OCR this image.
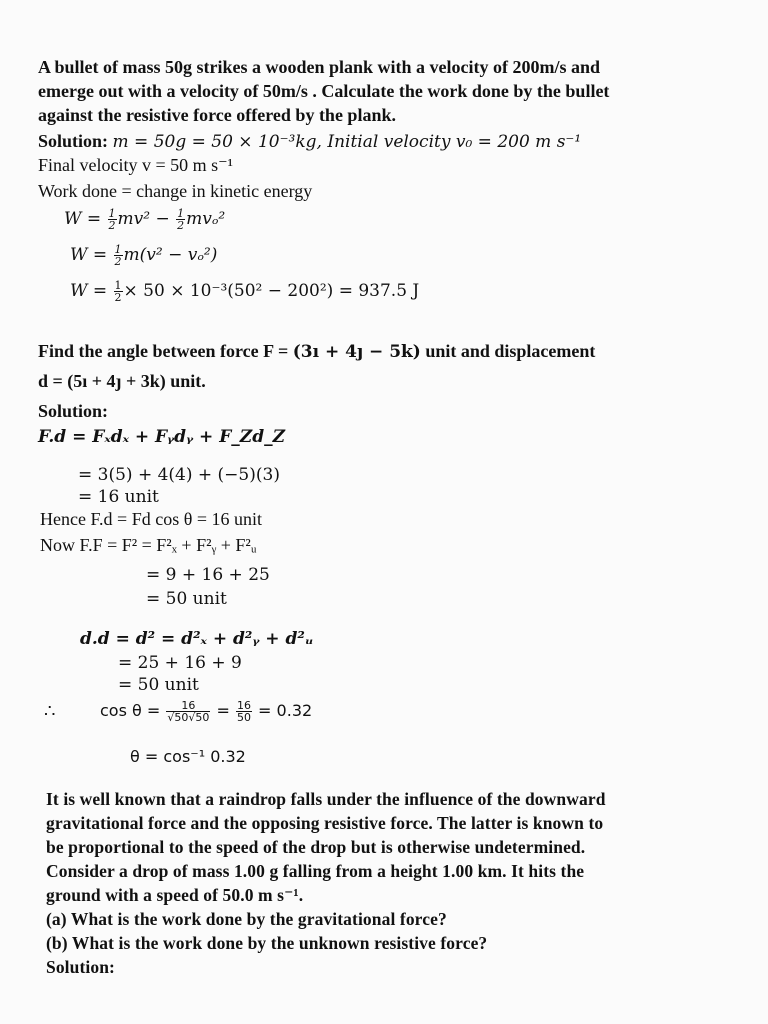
A bullet of mass 50g strikes a wooden plank with a velocity of 200m/s and
emerge out with a velocity of 50m/s . Calculate the work done by the bullet
against the resistive force offered by the plank.
Solution: m = 50g = 50 × 10⁻³kg, Initial velocity v₀ = 200 m s⁻¹
Final velocity v = 50 m s⁻¹
Work done = change in kinetic energy
$W = \frac{1}{2} mv^2 - \frac{1}{2} mv_o^2$
$W = \frac{1}{2} m(v^2 - v_o^2)$
$W = \frac{1}{2} \times 50 \times 10^{-3}(50^2 - 200^2) = 937.5$ J
Find the angle between force F = (3ı + 4ȷ − 5k) unit and displacement
d = (5ı + 4ȷ + 3k) unit.
Solution:
F.d = Fₓdₓ + Fᵧdᵧ + F_Zd_Z
= 3(5) + 4(4) + (−5)(3)
= 16 unit
Hence F.d = Fd cos θ = 16 unit
Now F.F = F² = F²ₓ + F²ᵧ + F²ᵤ
= 9 + 16 + 25
= 50 unit
d.d = d² = d²ₓ + d²ᵧ + d²ᵤ
= 25 + 16 + 9
= 50 unit
∴	$\cos \theta = \frac{16}{√50√50} = \frac{16}{50} = 0.32$
θ = cos⁻¹ 0.32
It is well known that a raindrop falls under the influence of the downward
gravitational force and the opposing resistive force. The latter is known to
be proportional to the speed of the drop but is otherwise undetermined.
Consider a drop of mass 1.00 g falling from a height 1.00 km. It hits the
ground with a speed of 50.0 m s⁻¹.
(a) What is the work done by the gravitational force?
(b) What is the work done by the unknown resistive force?
Solution:
